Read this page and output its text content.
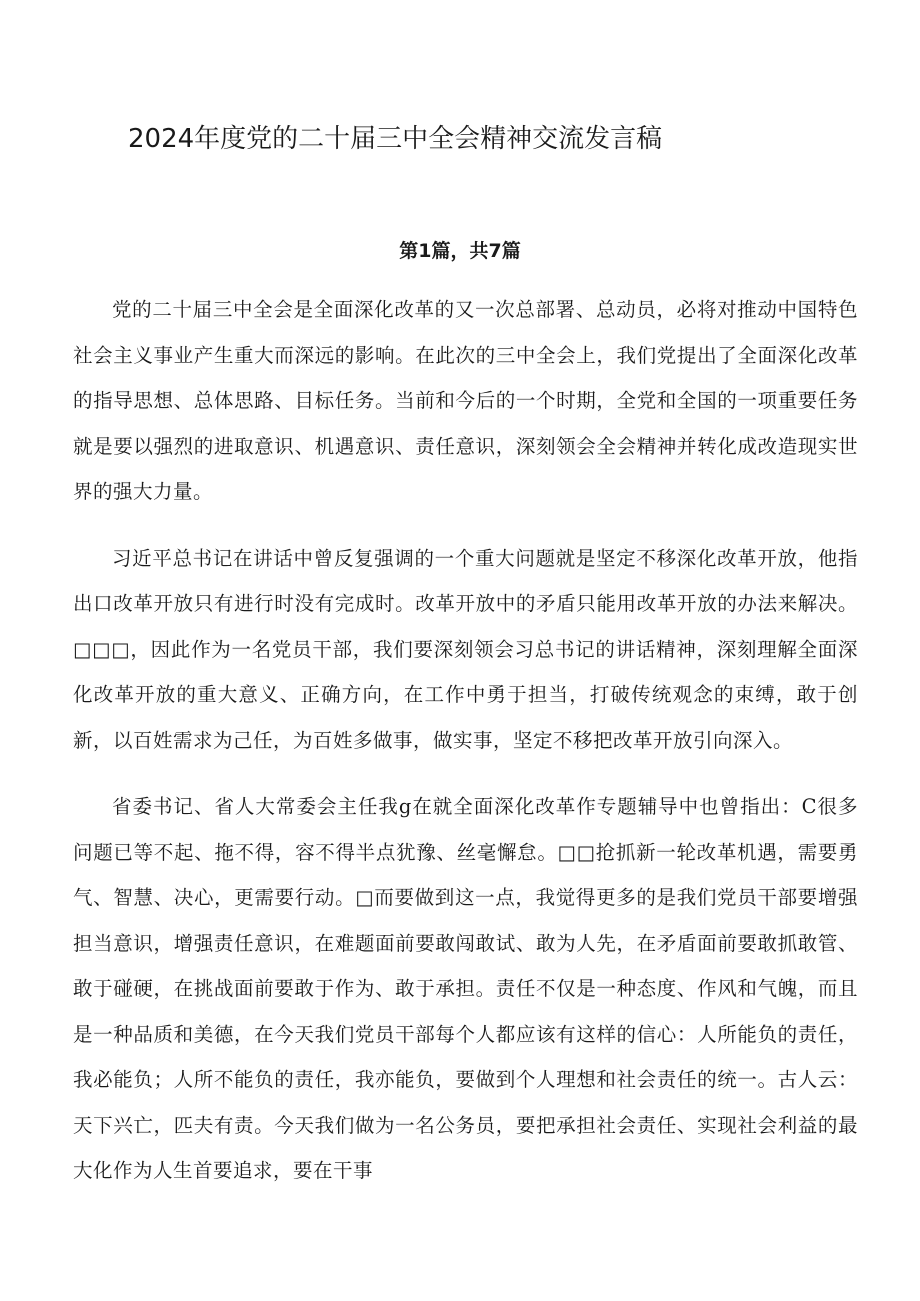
2024年度党的二十届三中全会精神交流发言稿
第1篇，共7篇

党的二十届三中全会是全面深化改革的又一次总部署、总动员，必将对推动中国特色社会主义事业产生重大而深远的影响。在此次的三中全会上，我们党提出了全面深化改革的指导思想、总体思路、目标任务。当前和今后的一个时期，全党和全国的一项重要任务就是要以强烈的进取意识、机遇意识、责任意识，深刻领会全会精神并转化成改造现实世界的强大力量。

习近平总书记在讲话中曾反复强调的一个重大问题就是坚定不移深化改革开放，他指出口改革开放只有进行时没有完成时。改革开放中的矛盾只能用改革开放的办法来解决。□□□，因此作为一名党员干部，我们要深刻领会习总书记的讲话精神，深刻理解全面深化改革开放的重大意义、正确方向，在工作中勇于担当，打破传统观念的束缚，敢于创新，以百姓需求为己任，为百姓多做事，做实事，坚定不移把改革开放引向深入。

省委书记、省人大常委会主任我g在就全面深化改革作专题辅导中也曾指出：C很多问题已等不起、拖不得，容不得半点犹豫、丝毫懈怠。□□抢抓新一轮改革机遇，需要勇气、智慧、决心，更需要行动。□而要做到这一点，我觉得更多的是我们党员干部要增强担当意识，增强责任意识，在难题面前要敢闯敢试、敢为人先，在矛盾面前要敢抓敢管、敢于碰硬，在挑战面前要敢于作为、敢于承担。责任不仅是一种态度、作风和气魄，而且是一种品质和美德，在今天我们党员干部每个人都应该有这样的信心：人所能负的责任，我必能负；人所不能负的责任，我亦能负，要做到个人理想和社会责任的统一。古人云：天下兴亡，匹夫有责。今天我们做为一名公务员，要把承担社会责任、实现社会利益的最大化作为人生首要追求，要在干事
